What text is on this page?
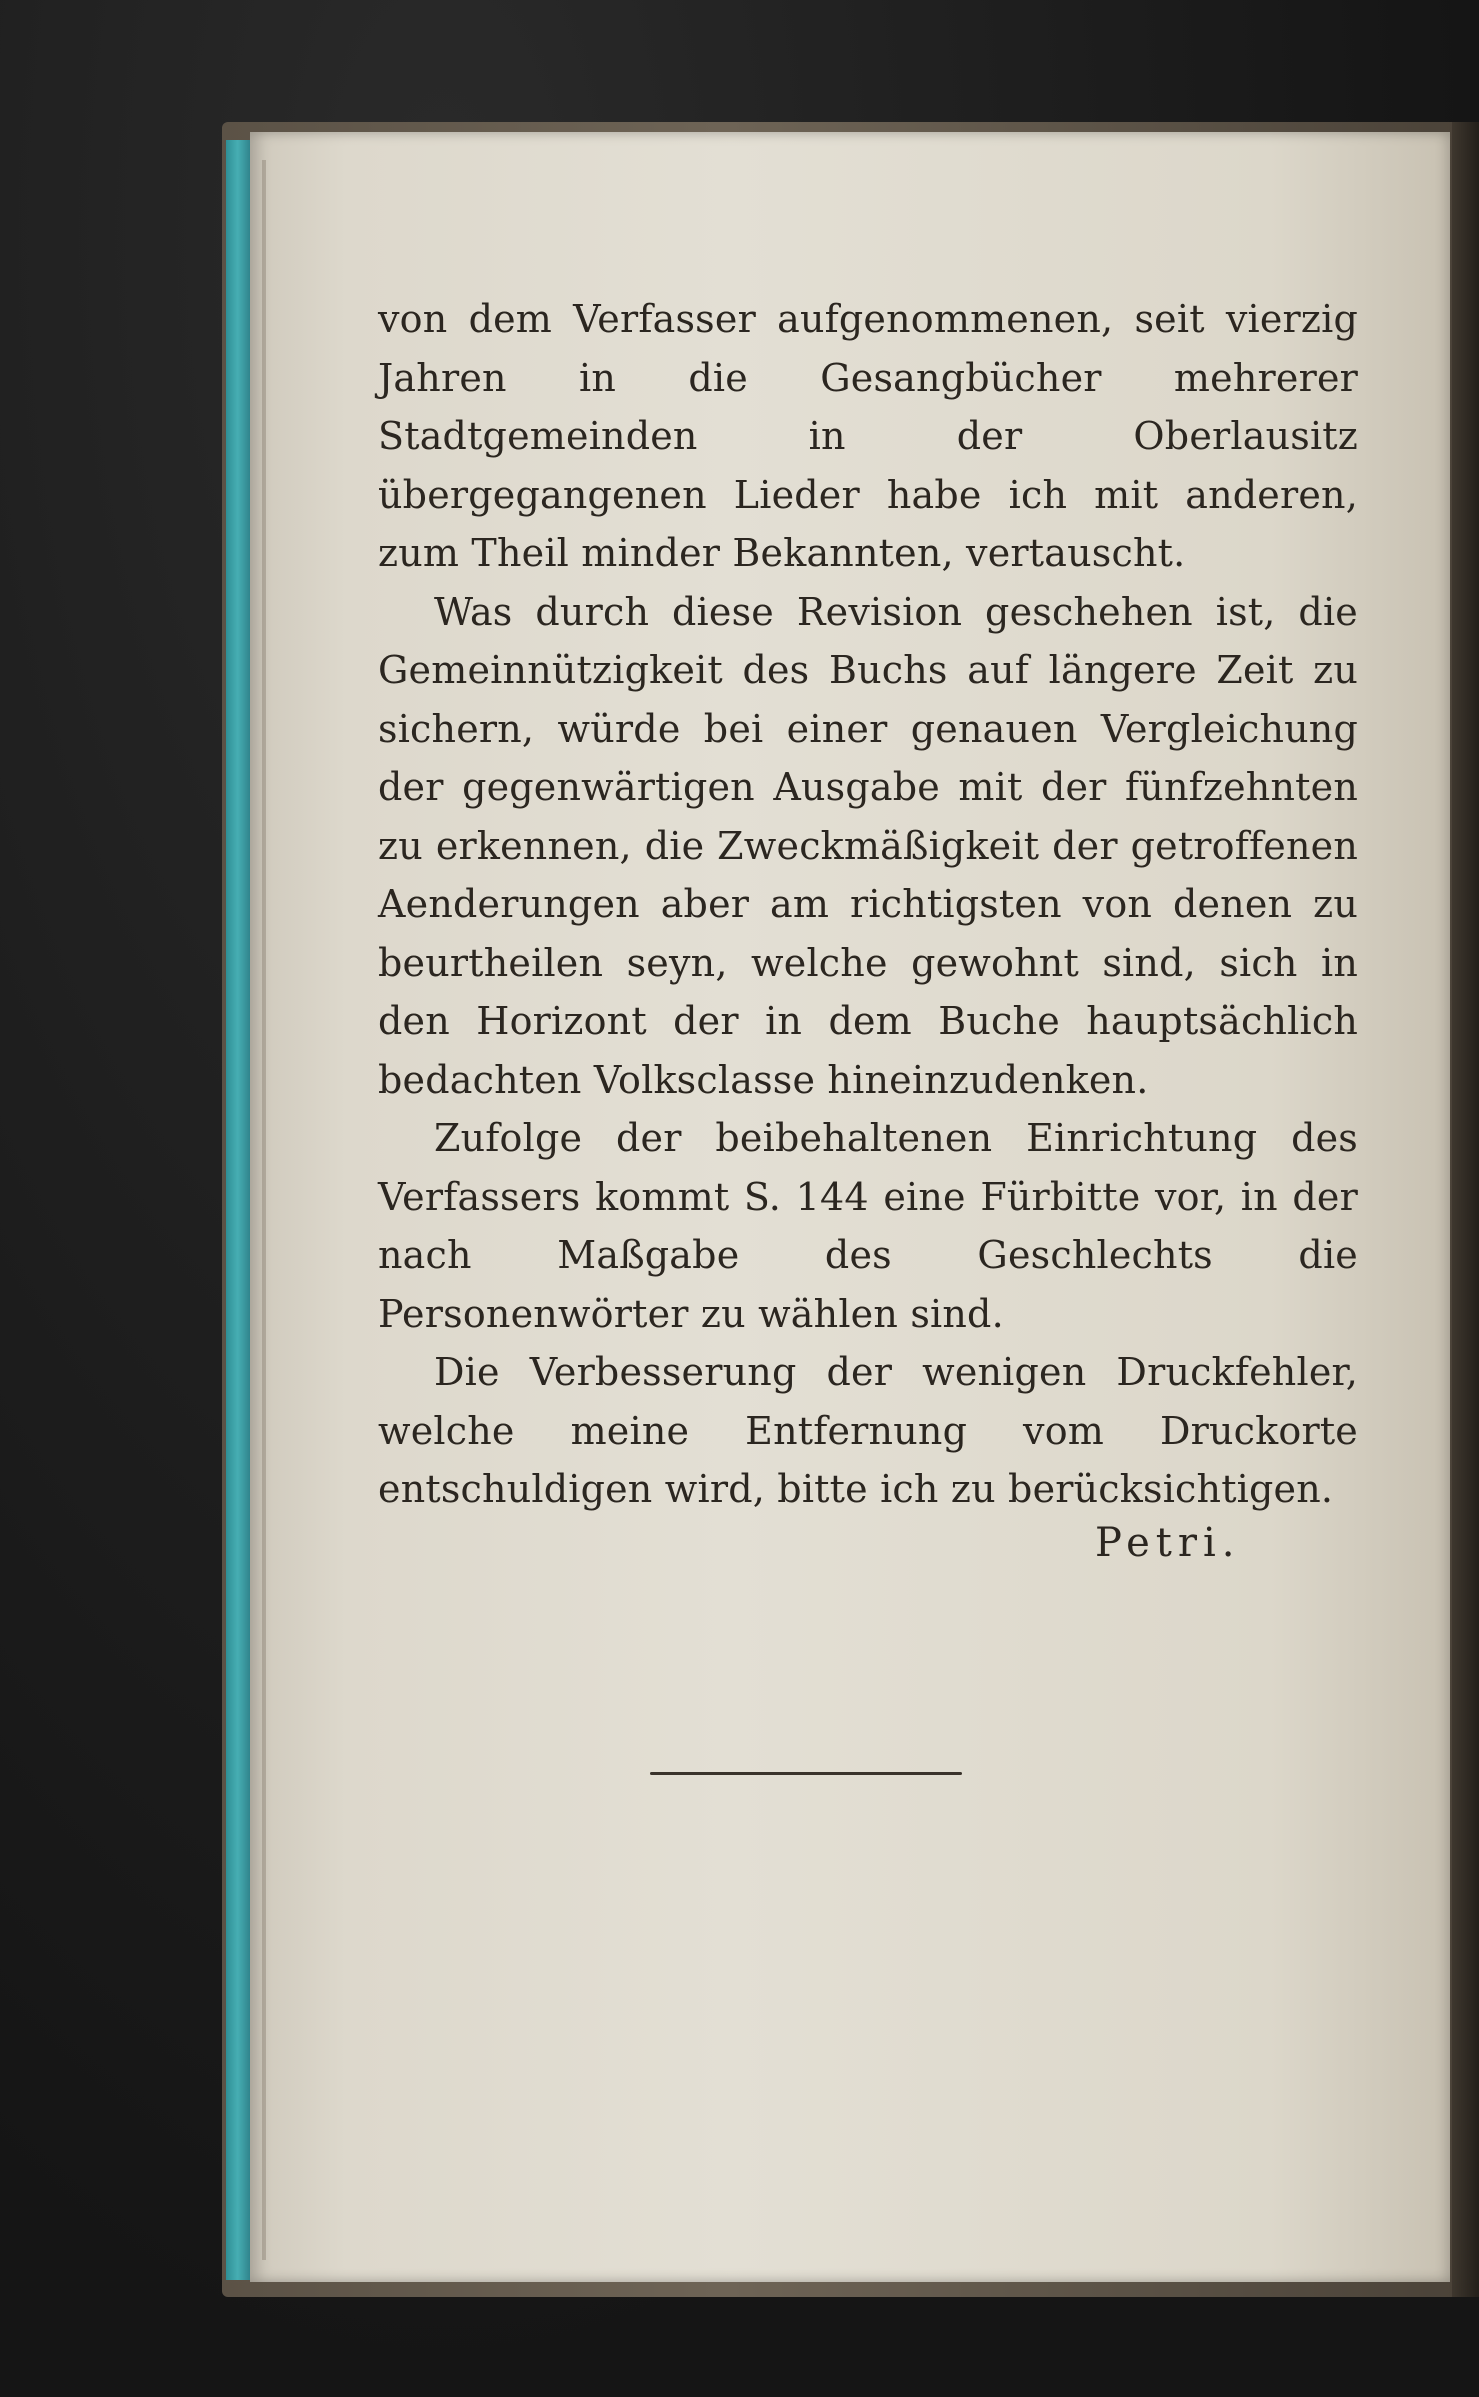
von dem Verfasser aufgenommenen, seit vierzig Jahren in die Gesangbücher mehrerer Stadtgemeinden in der Oberlausitz übergegangenen Lieder habe ich mit anderen, zum Theil minder Bekannten, vertauscht.

Was durch diese Revision geschehen ist, die Gemeinnützigkeit des Buchs auf längere Zeit zu sichern, würde bei einer genauen Vergleichung der gegenwärtigen Ausgabe mit der fünfzehnten zu erkennen, die Zweckmäßigkeit der getroffenen Aenderungen aber am richtigsten von denen zu beurtheilen seyn, welche gewohnt sind, sich in den Horizont der in dem Buche hauptsächlich bedachten Volksclasse hineinzudenken.

Zufolge der beibehaltenen Einrichtung des Verfassers kommt S. 144 eine Fürbitte vor, in der nach Maßgabe des Geschlechts die Personenwörter zu wählen sind.

Die Verbesserung der wenigen Druckfehler, welche meine Entfernung vom Druckorte entschuldigen wird, bitte ich zu berücksichtigen.

Petri.
